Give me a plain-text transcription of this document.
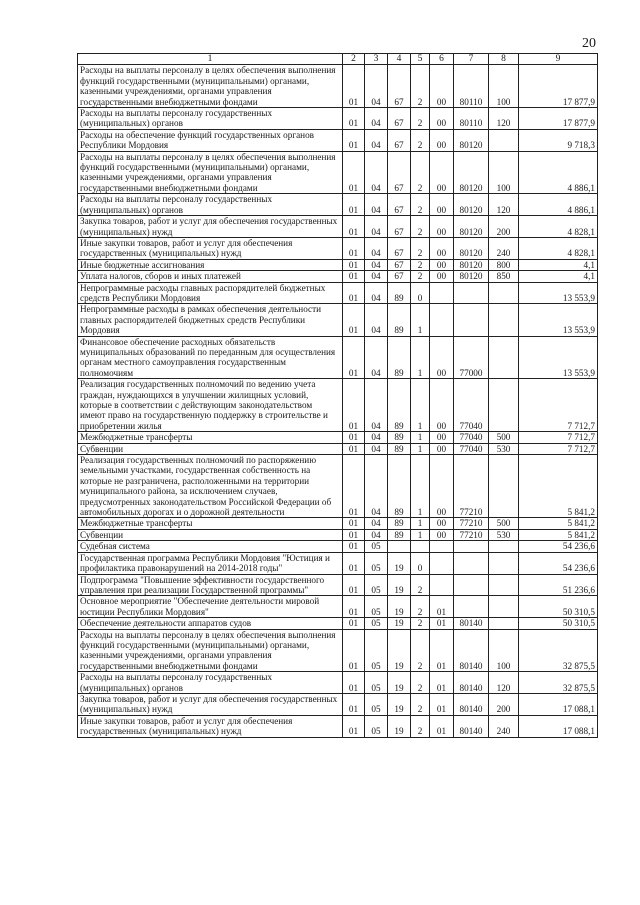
20
1	2	3	4	5	6	7	8	9
Расходы на выплаты персоналу в целях обеспечения выполнения функций государственными (муниципальными) органами, казенными учреждениями, органами управления государственными внебюджетными фондами	01	04	67	2	00	80110	100	17 877,9
Расходы на выплаты персоналу государственных (муниципальных) органов	01	04	67	2	00	80110	120	17 877,9
Расходы на обеспечение функций государственных органов Республики Мордовия	01	04	67	2	00	80120		9 718,3
Расходы на выплаты персоналу в целях обеспечения выполнения функций государственными (муниципальными) органами, казенными учреждениями, органами управления государственными внебюджетными фондами	01	04	67	2	00	80120	100	4 886,1
Расходы на выплаты персоналу государственных (муниципальных) органов	01	04	67	2	00	80120	120	4 886,1
Закупка товаров, работ и услуг для обеспечения государственных (муниципальных) нужд	01	04	67	2	00	80120	200	4 828,1
Иные закупки товаров, работ и услуг для обеспечения государственных (муниципальных) нужд	01	04	67	2	00	80120	240	4 828,1
Иные бюджетные ассигнования	01	04	67	2	00	80120	800	4,1
Уплата налогов, сборов и иных платежей	01	04	67	2	00	80120	850	4,1
Непрограммные расходы главных распорядителей бюджетных средств Республики Мордовия	01	04	89	0				13 553,9
Непрограммные расходы в рамках обеспечения деятельности главных распорядителей бюджетных средств Республики Мордовия	01	04	89	1				13 553,9
Финансовое обеспечение расходных обязательств муниципальных образований по переданным для осуществления органам местного самоуправления государственным полномочиям	01	04	89	1	00	77000		13 553,9
Реализация государственных полномочий по ведению учета граждан, нуждающихся в улучшении жилищных условий, которые в соответствии с действующим законодательством имеют право на государственную поддержку в строительстве и приобретении жилья	01	04	89	1	00	77040		7 712,7
Межбюджетные трансферты	01	04	89	1	00	77040	500	7 712,7
Субвенции	01	04	89	1	00	77040	530	7 712,7
Реализация государственных полномочий по распоряжению земельными участками, государственная собственность на которые не разграничена, расположенными на территории муниципального района, за исключением случаев, предусмотренных законодательством Российской Федерации об автомобильных дорогах и о дорожной деятельности	01	04	89	1	00	77210		5 841,2
Межбюджетные трансферты	01	04	89	1	00	77210	500	5 841,2
Субвенции	01	04	89	1	00	77210	530	5 841,2
Судебная система	01	05						54 236,6
Государственная программа Республики Мордовия "Юстиция и профилактика правонарушений на 2014-2018 годы"	01	05	19	0				54 236,6
Подпрограмма "Повышение эффективности государственного управления при реализации Государственной программы"	01	05	19	2				51 236,6
Основное мероприятие "Обеспечение деятельности мировой юстиции Республики Мордовия"	01	05	19	2	01			50 310,5
Обеспечение деятельности аппаратов судов	01	05	19	2	01	80140		50 310,5
Расходы на выплаты персоналу в целях обеспечения выполнения функций государственными (муниципальными) органами, казенными учреждениями, органами управления государственными внебюджетными фондами	01	05	19	2	01	80140	100	32 875,5
Расходы на выплаты персоналу государственных (муниципальных) органов	01	05	19	2	01	80140	120	32 875,5
Закупка товаров, работ и услуг для обеспечения государственных (муниципальных) нужд	01	05	19	2	01	80140	200	17 088,1
Иные закупки товаров, работ и услуг для обеспечения государственных (муниципальных) нужд	01	05	19	2	01	80140	240	17 088,1
